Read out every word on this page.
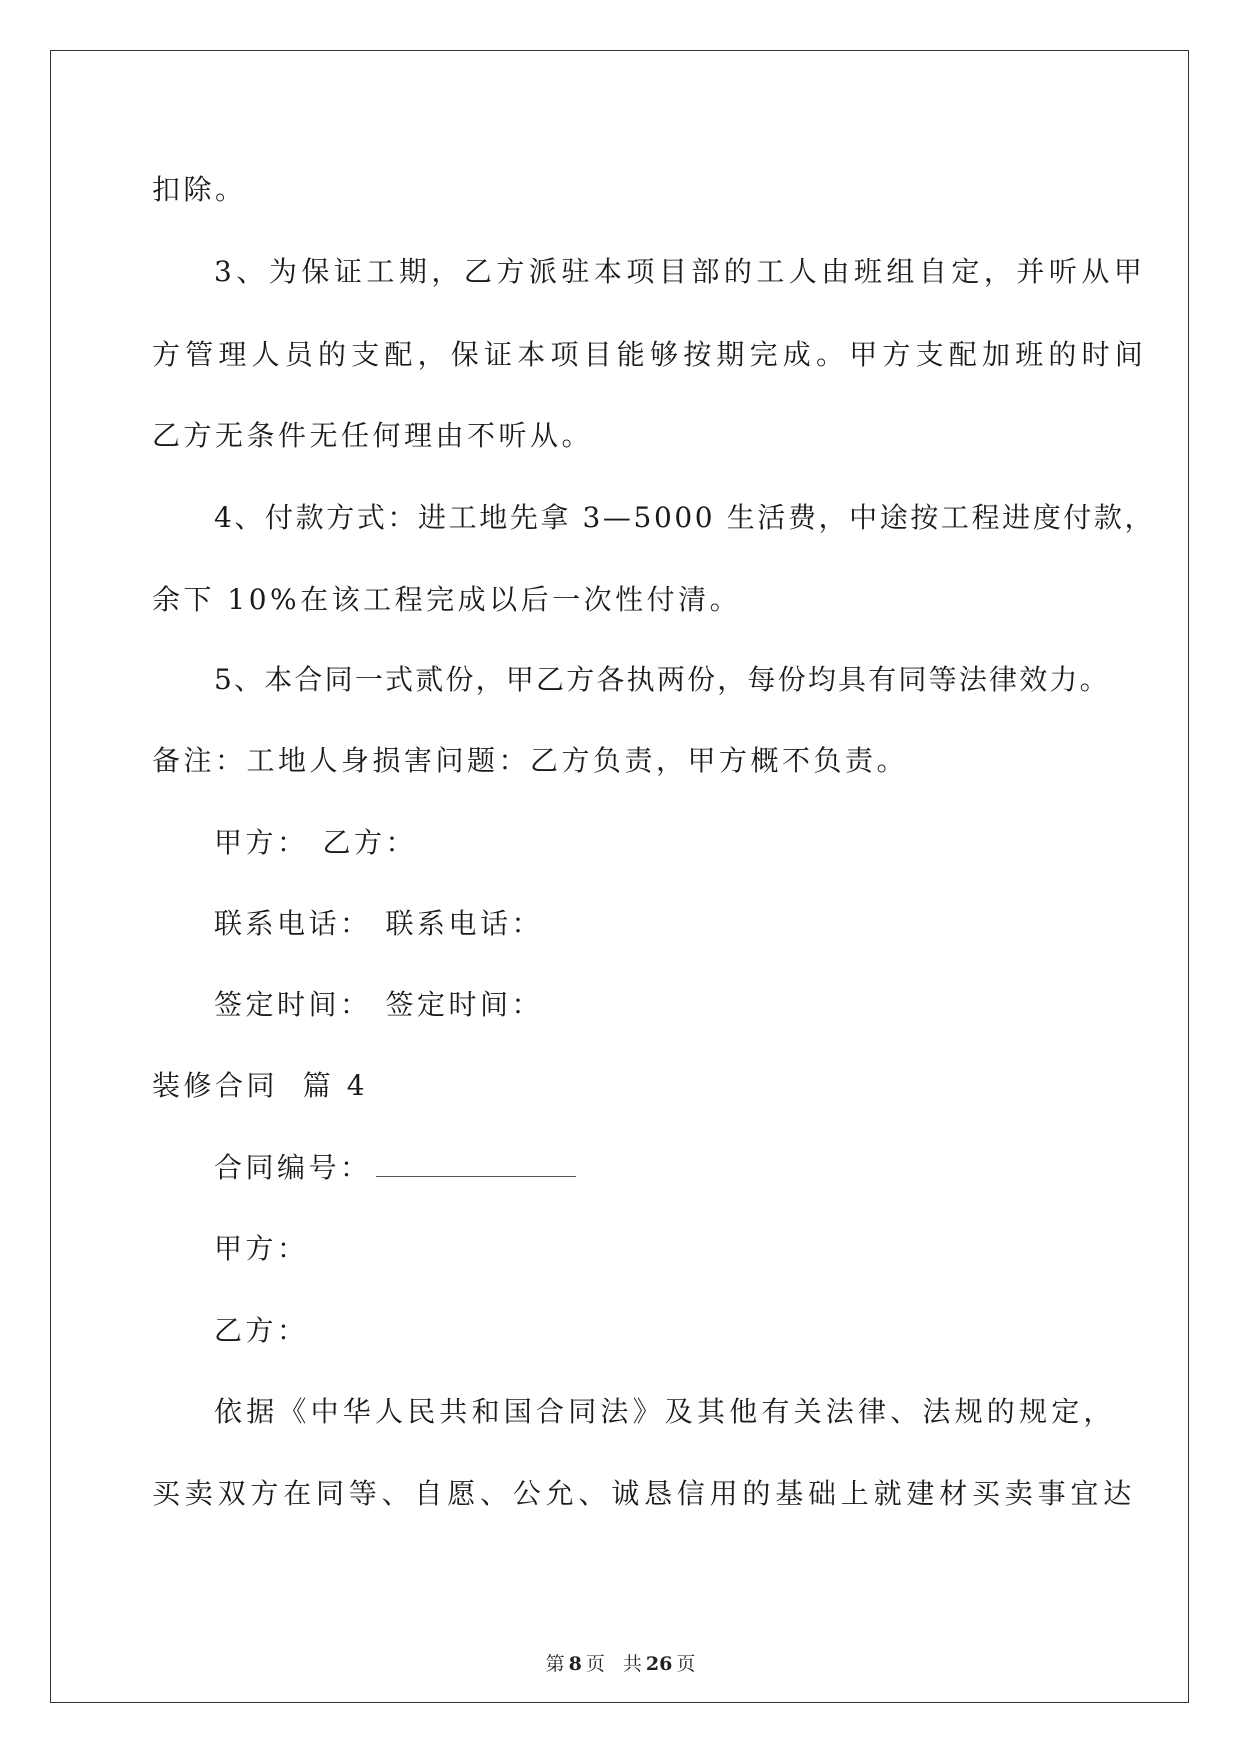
扣除。
3、为保证工期，乙方派驻本项目部的工人由班组自定，并听从甲
方管理人员的支配，保证本项目能够按期完成。甲方支配加班的时间
乙方无条件无任何理由不听从。
4、付款方式：进工地先拿 3—5000 生活费，中途按工程进度付款，
余下 10%在该工程完成以后一次性付清。
5、本合同一式贰份，甲乙方各执两份，每份均具有同等法律效力。
备注：工地人身损害问题：乙方负责，甲方概不负责。
甲方： 乙方：
联系电话： 联系电话：
签定时间： 签定时间：
装修合同  篇 4
合同编号：
甲方：
乙方：
依据《中华人民共和国合同法》及其他有关法律、法规的规定，
买卖双方在同等、自愿、公允、诚恳信用的基础上就建材买卖事宜达
第 8 页 共 26 页
